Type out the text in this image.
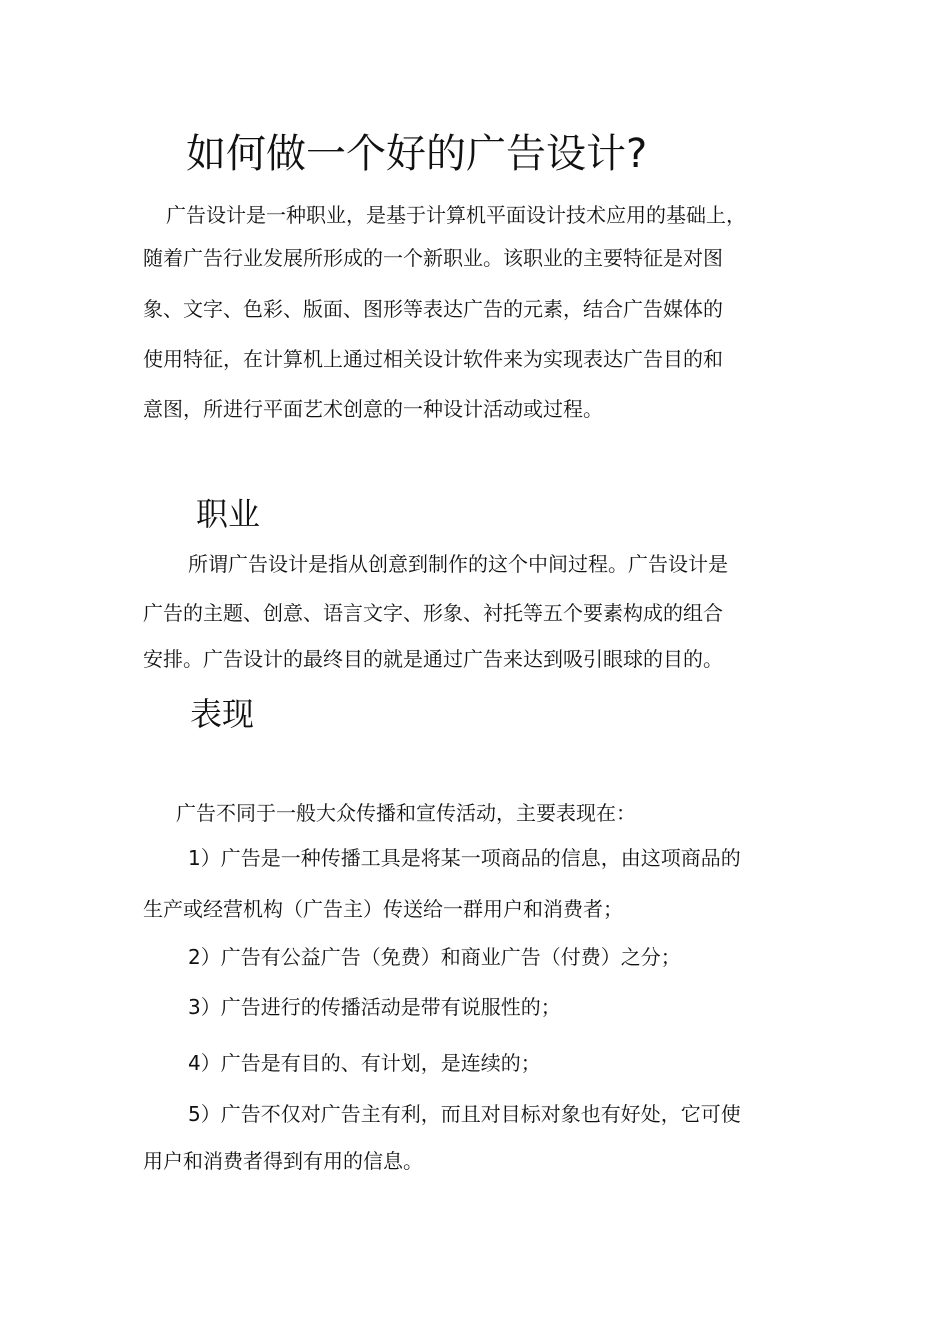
如何做一个好的广告设计?

广告设计是一种职业，是基于计算机平面设计技术应用的基础上，

随着广告行业发展所形成的一个新职业。该职业的主要特征是对图

象、文字、色彩、版面、图形等表达广告的元素，结合广告媒体的

使用特征，在计算机上通过相关设计软件来为实现表达广告目的和

意图，所进行平面艺术创意的一种设计活动或过程。

职业

所谓广告设计是指从创意到制作的这个中间过程。广告设计是

广告的主题、创意、语言文字、形象、衬托等五个要素构成的组合

安排。广告设计的最终目的就是通过广告来达到吸引眼球的目的。

表现

广告不同于一般大众传播和宣传活动，主要表现在：

1）广告是一种传播工具是将某一项商品的信息，由这项商品的

生产或经营机构（广告主）传送给一群用户和消费者；

2）广告有公益广告（免费）和商业广告（付费）之分；

3）广告进行的传播活动是带有说服性的；

4）广告是有目的、有计划，是连续的；

5）广告不仅对广告主有利，而且对目标对象也有好处，它可使

用户和消费者得到有用的信息。
